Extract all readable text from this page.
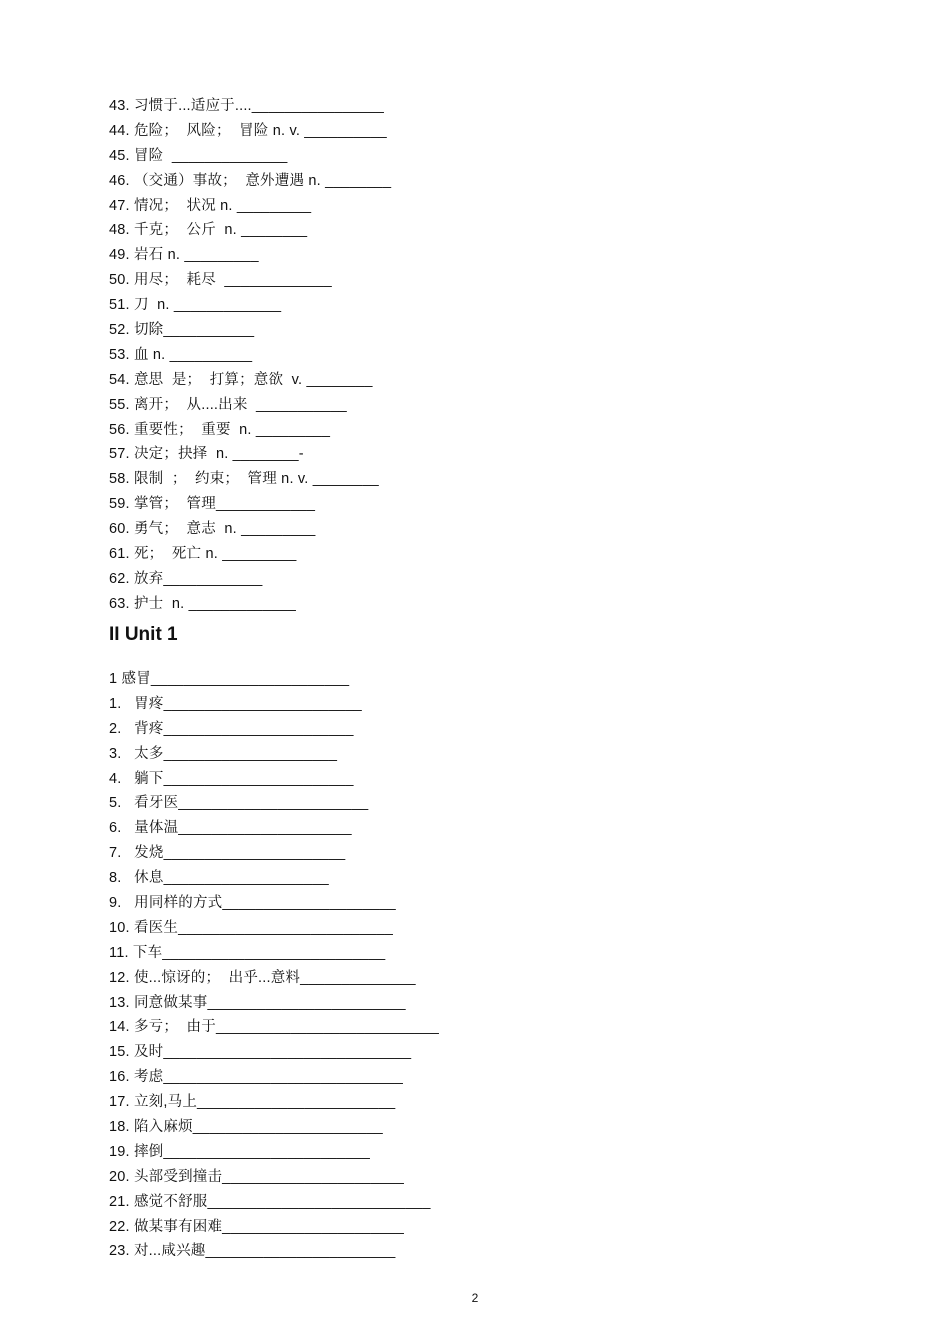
43. 习惯于...适应于....________________
44. 危险；  风险；  冒险 n. v. __________
45. 冒险  ______________
46. （交通）事故；  意外遭遇 n. ________
47. 情况；  状况 n. _________
48. 千克；  公斤  n. ________
49. 岩石 n. _________
50. 用尽；  耗尽  _____________
51. 刀  n. _____________
52. 切除___________
53. 血 n. __________
54. 意思  是；  打算；意欲  v. ________
55. 离开；  从....出来  ___________
56. 重要性；  重要  n. _________
57. 决定；抉择  n. ________-
58. 限制  ；  约束；  管理 n. v. ________
59. 掌管；  管理____________
60. 勇气；  意志  n. _________
61. 死；  死亡 n. _________
62. 放弃____________
63. 护士  n. _____________
II Unit 1
1 感冒________________________
1.   胃疼________________________
2.   背疼_______________________
3.   太多_____________________
4.   躺下_______________________
5.   看牙医_______________________
6.   量体温_____________________
7.   发烧______________________
8.   休息____________________
9.   用同样的方式_____________________
10. 看医生__________________________
11. 下车___________________________
12. 使...惊讶的；  出乎...意料______________
13. 同意做某事________________________
14. 多亏；  由于___________________________
15. 及时______________________________
16. 考虑_____________________________
17. 立刻,马上________________________
18. 陷入麻烦_______________________
19. 摔倒_________________________
20. 头部受到撞击______________________
21. 感觉不舒服___________________________
22. 做某事有困难______________________
23. 对...咸兴趣_______________________
2
